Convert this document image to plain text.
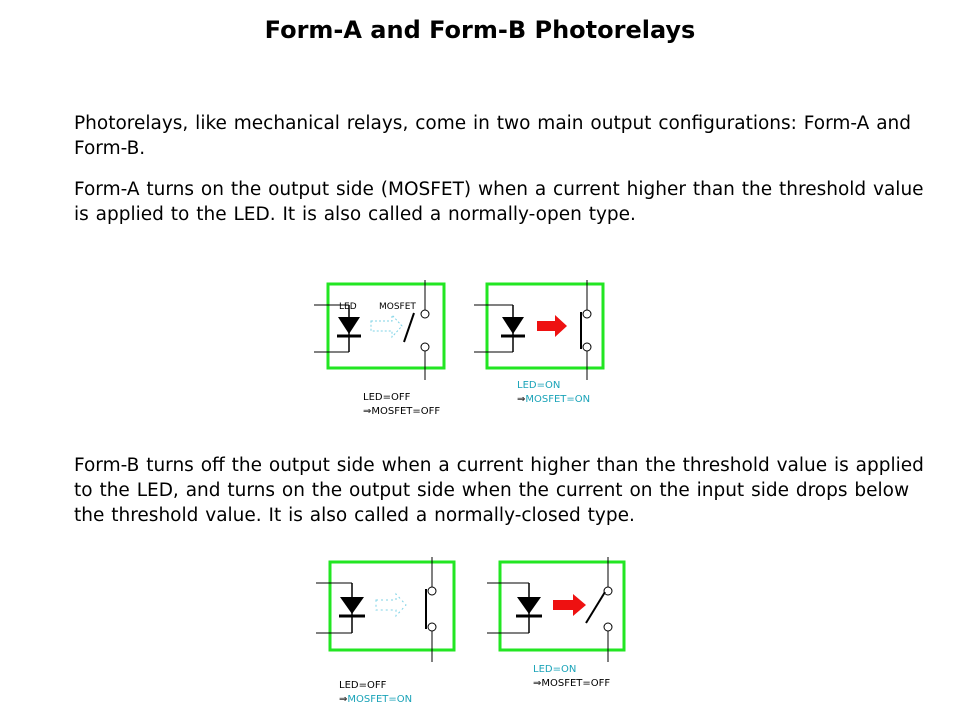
Form-A and Form-B Photorelays

Photorelays, like mechanical relays, come in two main output configurations: Form-A and Form-B.

Form-A turns on the output side (MOSFET) when a current higher than the threshold value is applied to the LED. It is also called a normally-open type.

Form-B turns off the output side when a current higher than the threshold value is applied to the LED, and turns on the output side when the current on the input side drops below the threshold value. It is also called a normally-closed type.

LED MOSFET
LED=OFF
⇒MOSFET=OFF
LED=ON
⇒MOSFET=ON
LED=OFF
⇒MOSFET=ON
LED=ON
⇒MOSFET=OFF
